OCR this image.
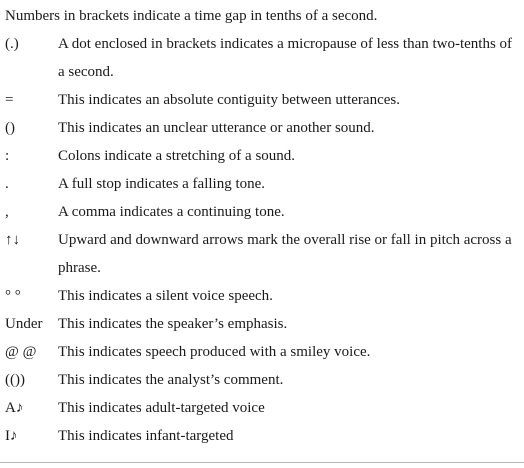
Numbers in brackets indicate a time gap in tenths of a second.
(.)	A dot enclosed in brackets indicates a micropause of less than two-tenths of a second.
=	This indicates an absolute contiguity between utterances.
()	This indicates an unclear utterance or another sound.
:	Colons indicate a stretching of a sound.
.	A full stop indicates a falling tone.
,	A comma indicates a continuing tone.
↑↓	Upward and downward arrows mark the overall rise or fall in pitch across a phrase.
° °	This indicates a silent voice speech.
Under	This indicates the speaker’s emphasis.
@ @	This indicates speech produced with a smiley voice.
(())	This indicates the analyst’s comment.
A♪	This indicates adult-targeted voice
I♪	This indicates infant-targeted
